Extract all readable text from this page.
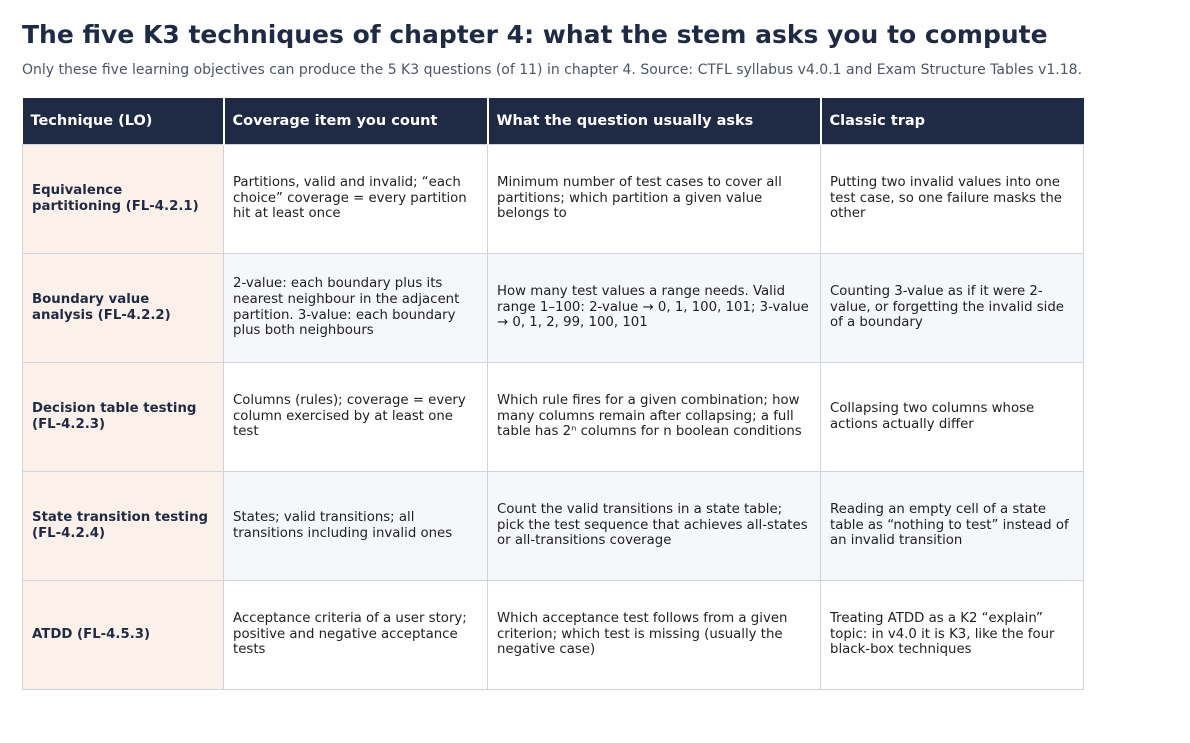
The five K3 techniques of chapter 4: what the stem asks you to compute

Only these five learning objectives can produce the 5 K3 questions (of 11) in chapter 4. Source: CTFL syllabus v4.0.1 and Exam Structure Tables v1.18.

Technique (LO)	Coverage item you count	What the question usually asks	Classic trap
Equivalence partitioning (FL-4.2.1)	Partitions, valid and invalid; “each choice” coverage = every partition hit at least once	Minimum number of test cases to cover all partitions; which partition a given value belongs to	Putting two invalid values into one test case, so one failure masks the other
Boundary value analysis (FL-4.2.2)	2-value: each boundary plus its nearest neighbour in the adjacent partition. 3-value: each boundary plus both neighbours	How many test values a range needs. Valid range 1–100: 2-value → 0, 1, 100, 101; 3-value → 0, 1, 2, 99, 100, 101	Counting 3-value as if it were 2-value, or forgetting the invalid side of a boundary
Decision table testing (FL-4.2.3)	Columns (rules); coverage = every column exercised by at least one test	Which rule fires for a given combination; how many columns remain after collapsing; a full table has 2ⁿ columns for n boolean conditions	Collapsing two columns whose actions actually differ
State transition testing (FL-4.2.4)	States; valid transitions; all transitions including invalid ones	Count the valid transitions in a state table; pick the test sequence that achieves all-states or all-transitions coverage	Reading an empty cell of a state table as “nothing to test” instead of an invalid transition
ATDD (FL-4.5.3)	Acceptance criteria of a user story; positive and negative acceptance tests	Which acceptance test follows from a given criterion; which test is missing (usually the negative case)	Treating ATDD as a K2 “explain” topic: in v4.0 it is K3, like the four black-box techniques
